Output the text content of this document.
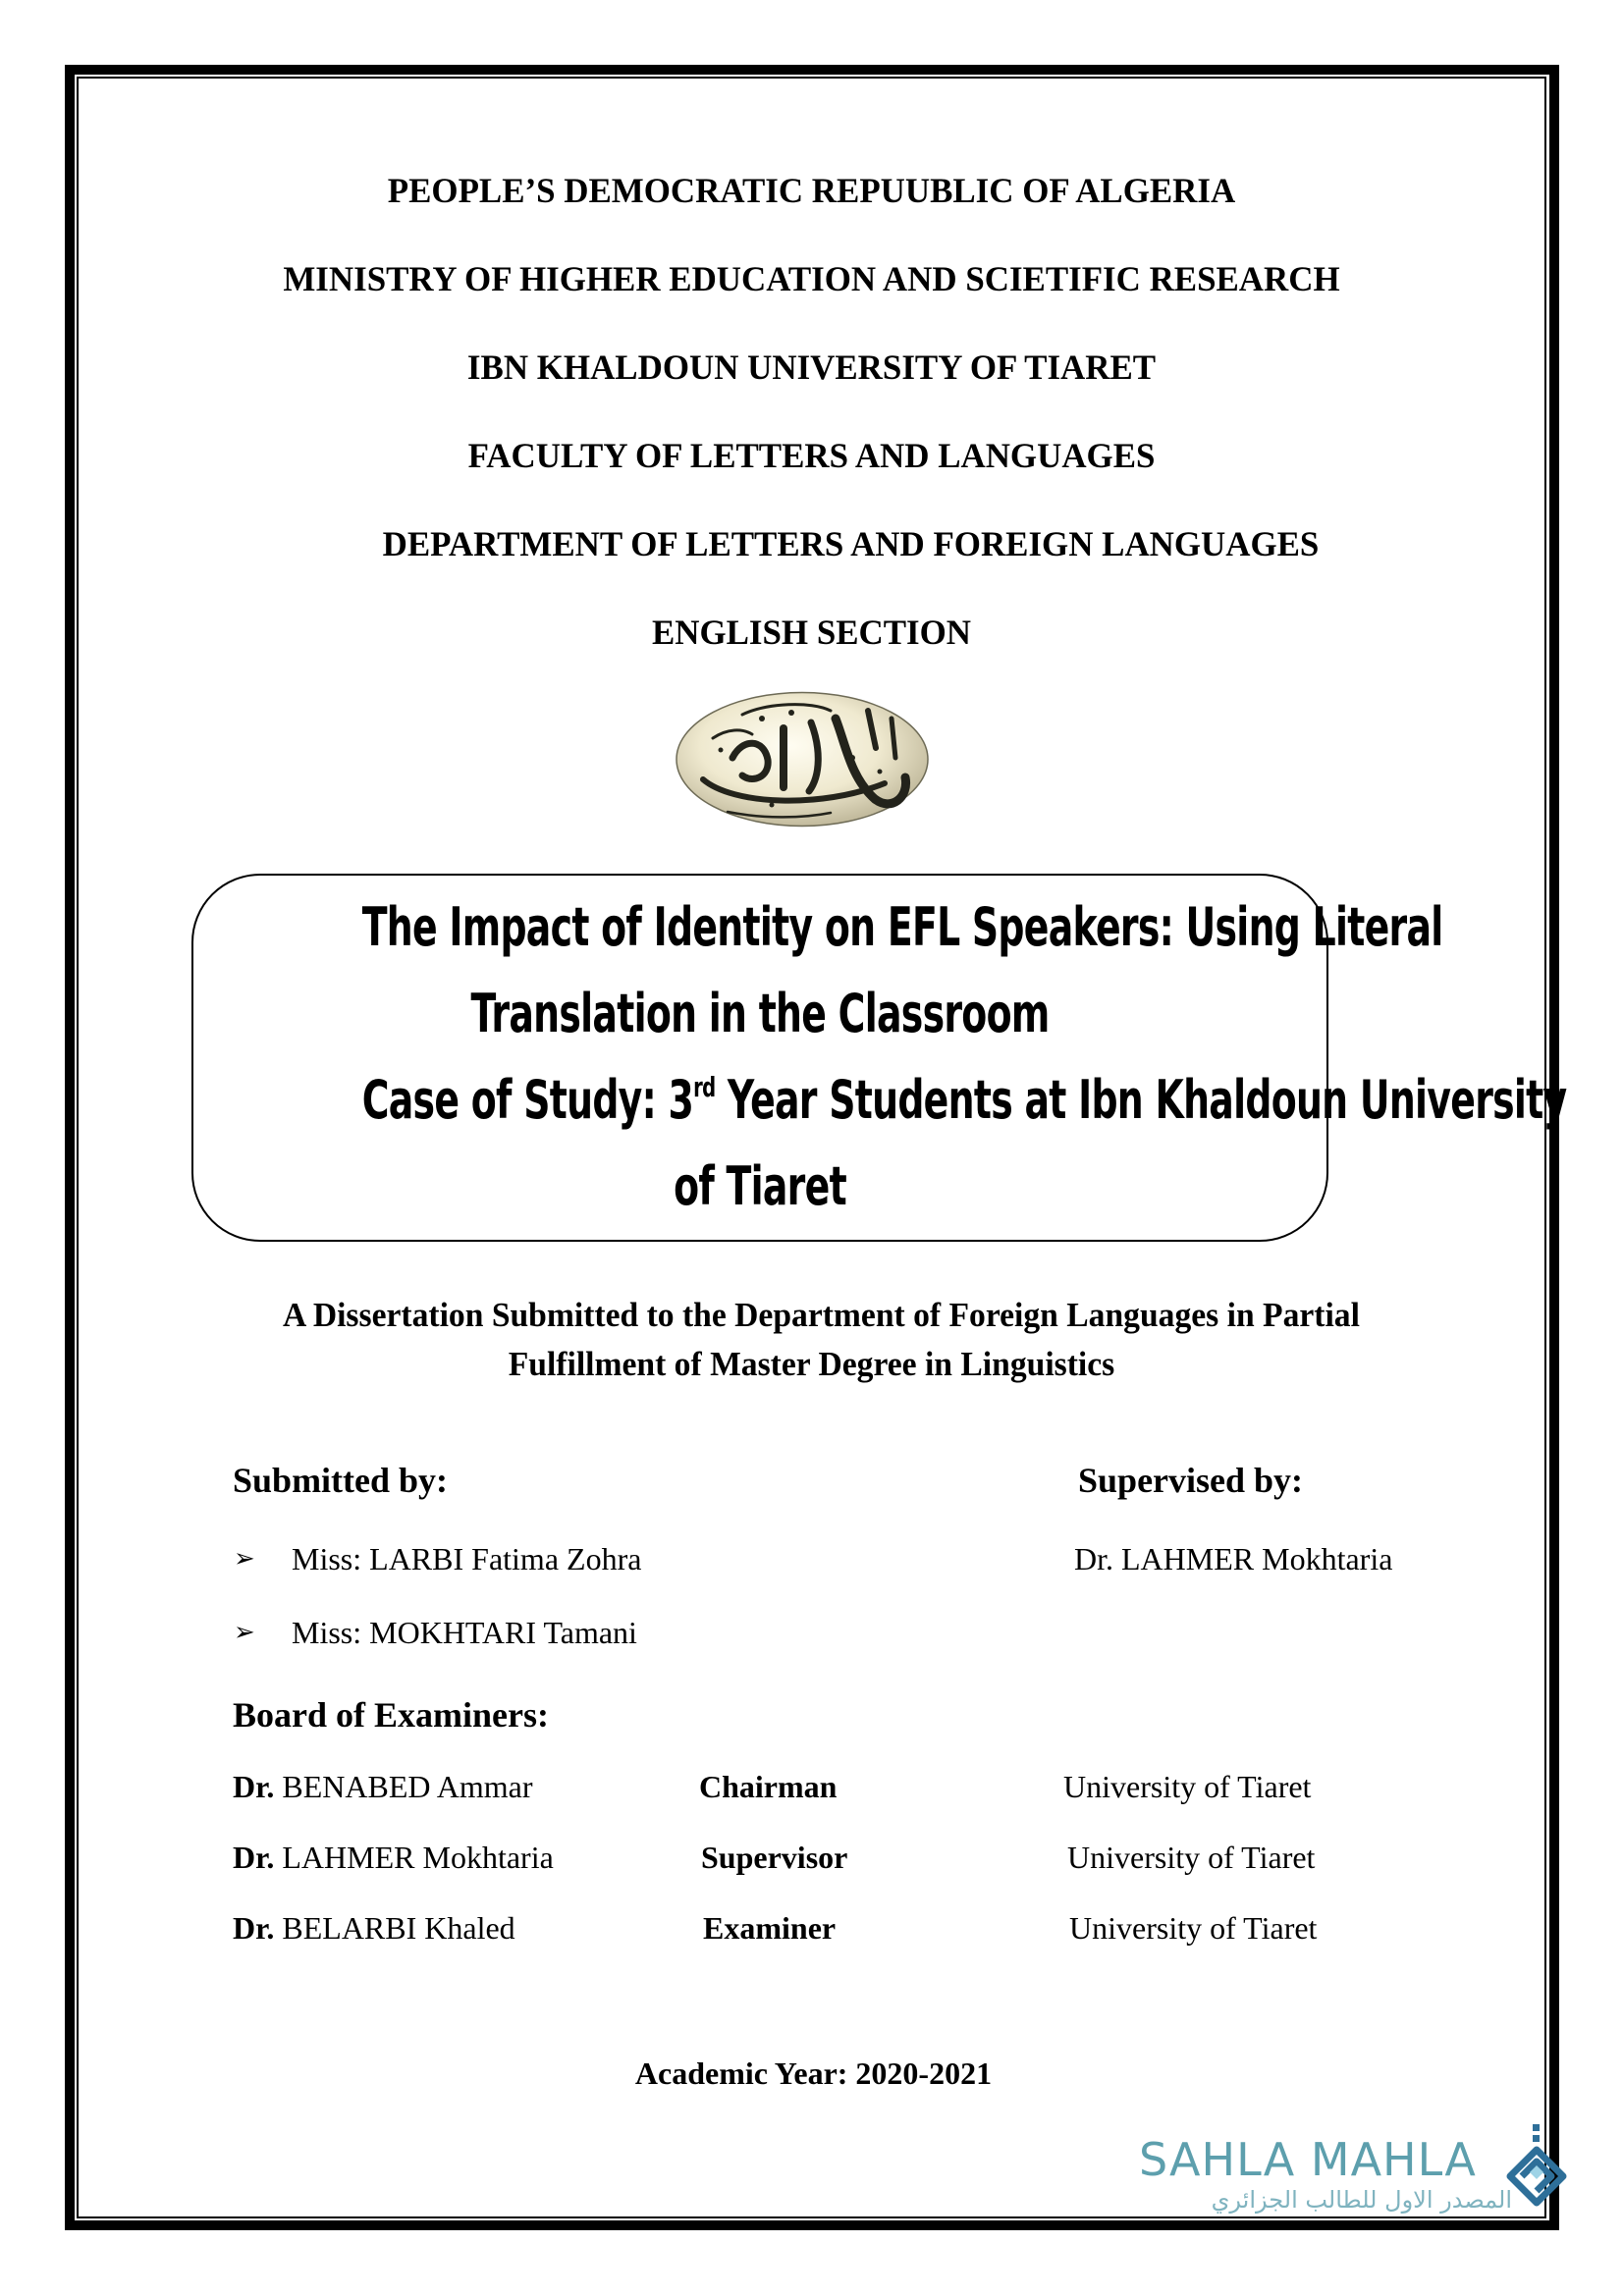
PEOPLE’S DEMOCRATIC REPUUBLIC OF ALGERIA
MINISTRY OF HIGHER EDUCATION AND SCIETIFIC RESEARCH
IBN KHALDOUN UNIVERSITY OF TIARET
FACULTY OF LETTERS AND LANGUAGES
DEPARTMENT OF LETTERS AND FOREIGN LANGUAGES
ENGLISH SECTION
The Impact of Identity on EFL Speakers: Using Literal
Translation in the Classroom
Case of Study: 3rd Year Students at Ibn Khaldoun University
of Tiaret
A Dissertation Submitted to the Department of Foreign Languages in Partial
Fulfillment of Master Degree in Linguistics
Submitted by:	Supervised by:
➢ Miss: LARBI Fatima Zohra	Dr. LAHMER Mokhtaria
➢ Miss: MOKHTARI Tamani
Board of Examiners:
Dr. BENABED Ammar	Chairman	University of Tiaret
Dr. LAHMER Mokhtaria	Supervisor	University of Tiaret
Dr. BELARBI Khaled	Examiner	University of Tiaret
Academic Year: 2020-2021
SAHLA MAHLA
المصدر الاول للطالب الجزائري
